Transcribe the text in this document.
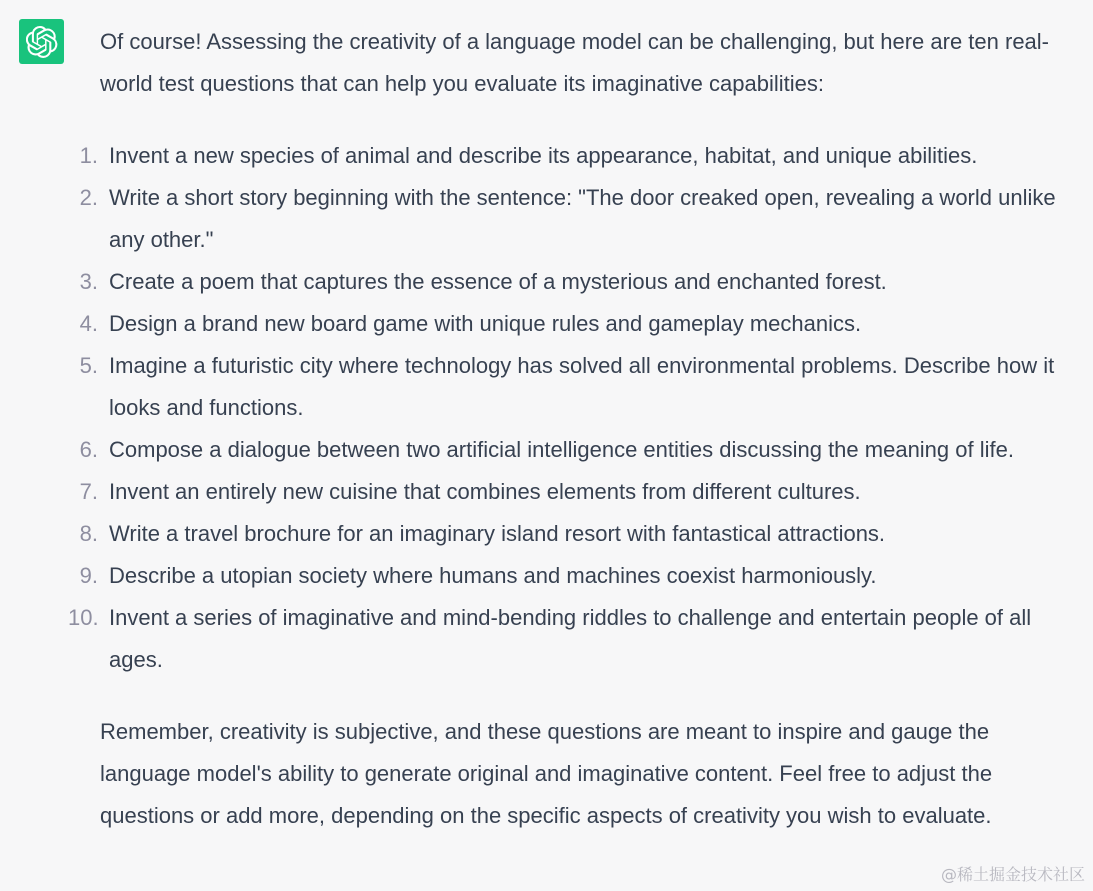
Of course! Assessing the creativity of a language model can be challenging, but here are ten real-world test questions that can help you evaluate its imaginative capabilities:

1. Invent a new species of animal and describe its appearance, habitat, and unique abilities.
2. Write a short story beginning with the sentence: "The door creaked open, revealing a world unlike any other."
3. Create a poem that captures the essence of a mysterious and enchanted forest.
4. Design a brand new board game with unique rules and gameplay mechanics.
5. Imagine a futuristic city where technology has solved all environmental problems. Describe how it looks and functions.
6. Compose a dialogue between two artificial intelligence entities discussing the meaning of life.
7. Invent an entirely new cuisine that combines elements from different cultures.
8. Write a travel brochure for an imaginary island resort with fantastical attractions.
9. Describe a utopian society where humans and machines coexist harmoniously.
10. Invent a series of imaginative and mind-bending riddles to challenge and entertain people of all ages.

Remember, creativity is subjective, and these questions are meant to inspire and gauge the language model's ability to generate original and imaginative content. Feel free to adjust the questions or add more, depending on the specific aspects of creativity you wish to evaluate.

@稀土掘金技术社区
